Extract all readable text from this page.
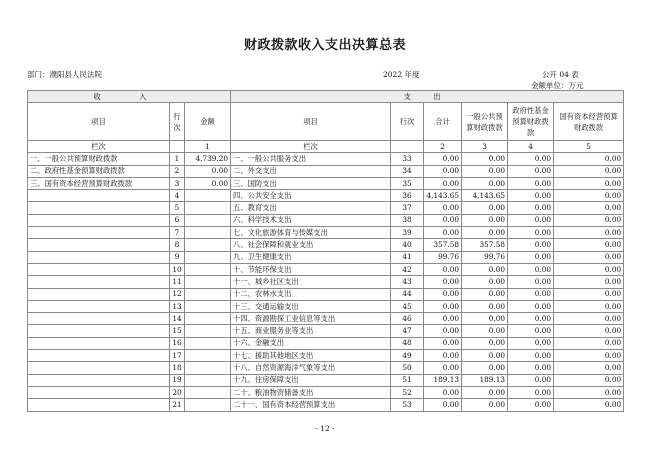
财政拨款收入支出决算总表
部门：濮阳县人民法院	2022 年度	公开 04 表
金额单位：万元
收 入			支 出					
项目	行次	金额	项目	行次	合计	一般公共预算财政拨款	政府性基金预算财政拨款	国有资本经营预算财政拨款
栏次		1	栏次		2	3	4	5
一、一般公共预算财政拨款	1	4,739.20	一、一般公共服务支出	33	0.00	0.00	0.00	0.00
二、政府性基金预算财政拨款	2	0.00	二、外交支出	34	0.00	0.00	0.00	0.00
三、国有资本经营预算财政拨款	3	0.00	三、国防支出	35	0.00	0.00	0.00	0.00
	4		四、公共安全支出	36	4,143.65	4,143.65	0.00	0.00
	5		五、教育支出	37	0.00	0.00	0.00	0.00
	6		六、科学技术支出	38	0.00	0.00	0.00	0.00
	7		七、文化旅游体育与传媒支出	39	0.00	0.00	0.00	0.00
	8		八、社会保障和就业支出	40	357.58	357.58	0.00	0.00
	9		九、卫生健康支出	41	99.76	99.76	0.00	0.00
	10		十、节能环保支出	42	0.00	0.00	0.00	0.00
	11		十一、城乡社区支出	43	0.00	0.00	0.00	0.00
	12		十二、农林水支出	44	0.00	0.00	0.00	0.00
	13		十三、交通运输支出	45	0.00	0.00	0.00	0.00
	14		十四、资源勘探工业信息等支出	46	0.00	0.00	0.00	0.00
	15		十五、商业服务业等支出	47	0.00	0.00	0.00	0.00
	16		十六、金融支出	48	0.00	0.00	0.00	0.00
	17		十七、援助其他地区支出	49	0.00	0.00	0.00	0.00
	18		十八、自然资源海洋气象等支出	50	0.00	0.00	0.00	0.00
	19		十九、住房保障支出	51	189.13	189.13	0.00	0.00
	20		二十、粮油物资储备支出	52	0.00	0.00	0.00	0.00
	21		二十一、国有资本经营预算支出	53	0.00	0.00	0.00	0.00
- 12 -
